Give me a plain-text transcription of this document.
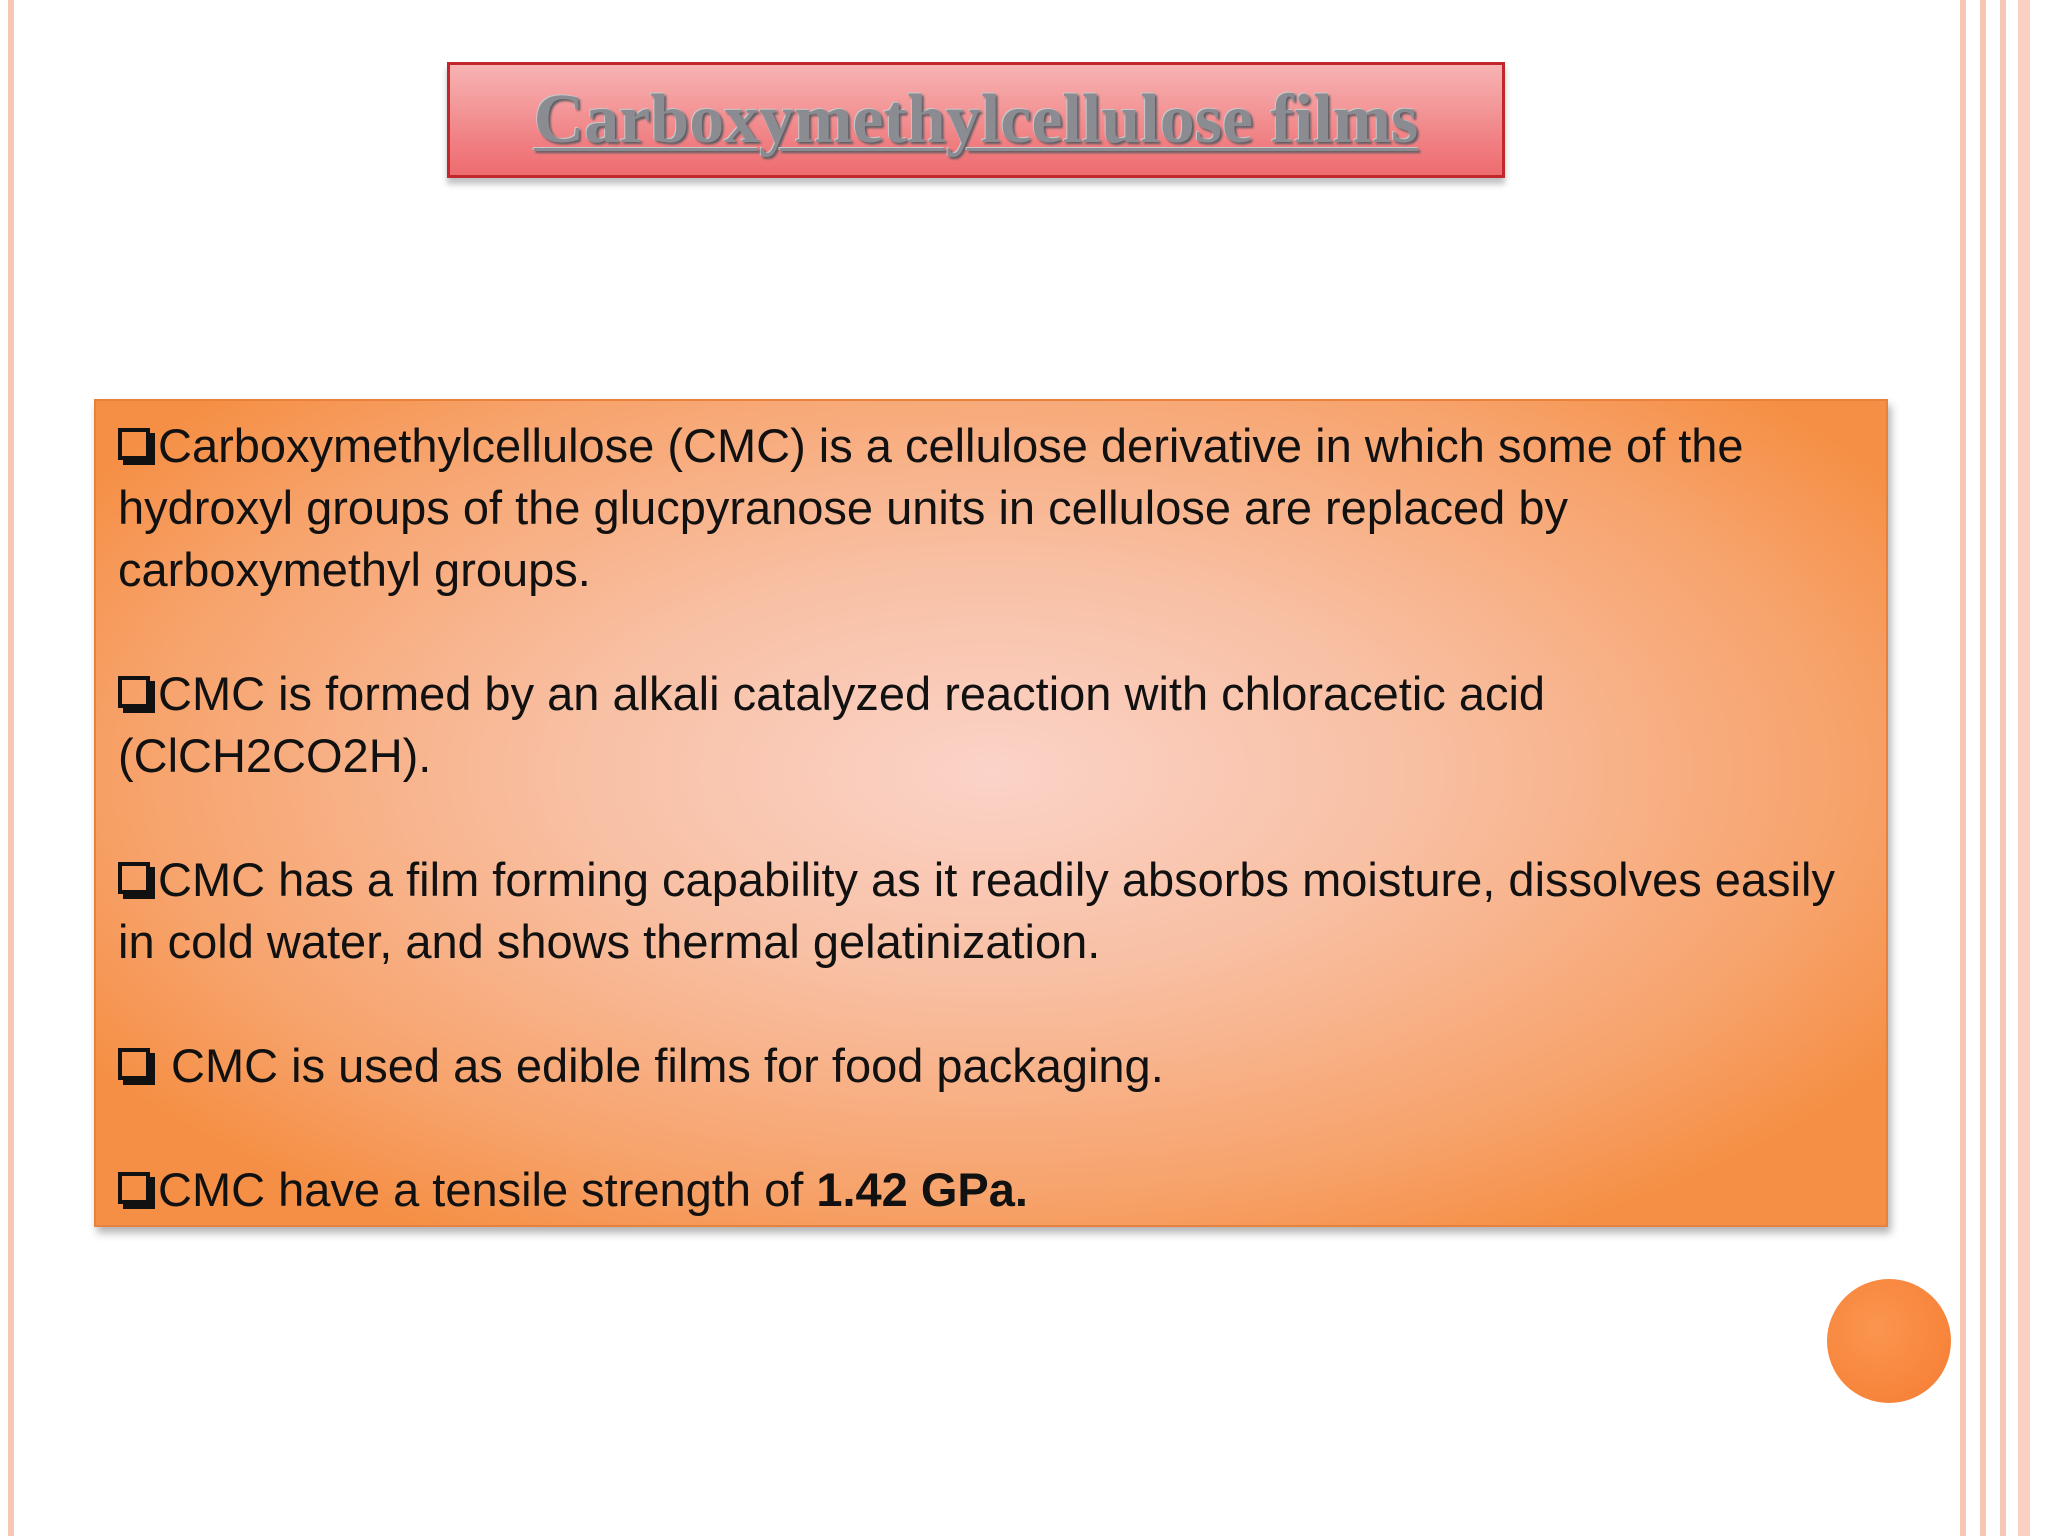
Carboxymethylcellulose films

Carboxymethylcellulose (CMC) is a cellulose derivative in which some of the hydroxyl groups of the glucpyranose units in cellulose are replaced by carboxymethyl groups.

CMC is formed by an alkali catalyzed reaction with chloracetic acid (ClCH2CO2H).

CMC has a film forming capability as it readily absorbs moisture, dissolves easily in cold water, and shows thermal gelatinization.

CMC is used as edible films for food packaging.

CMC have a tensile strength of 1.42 GPa.
